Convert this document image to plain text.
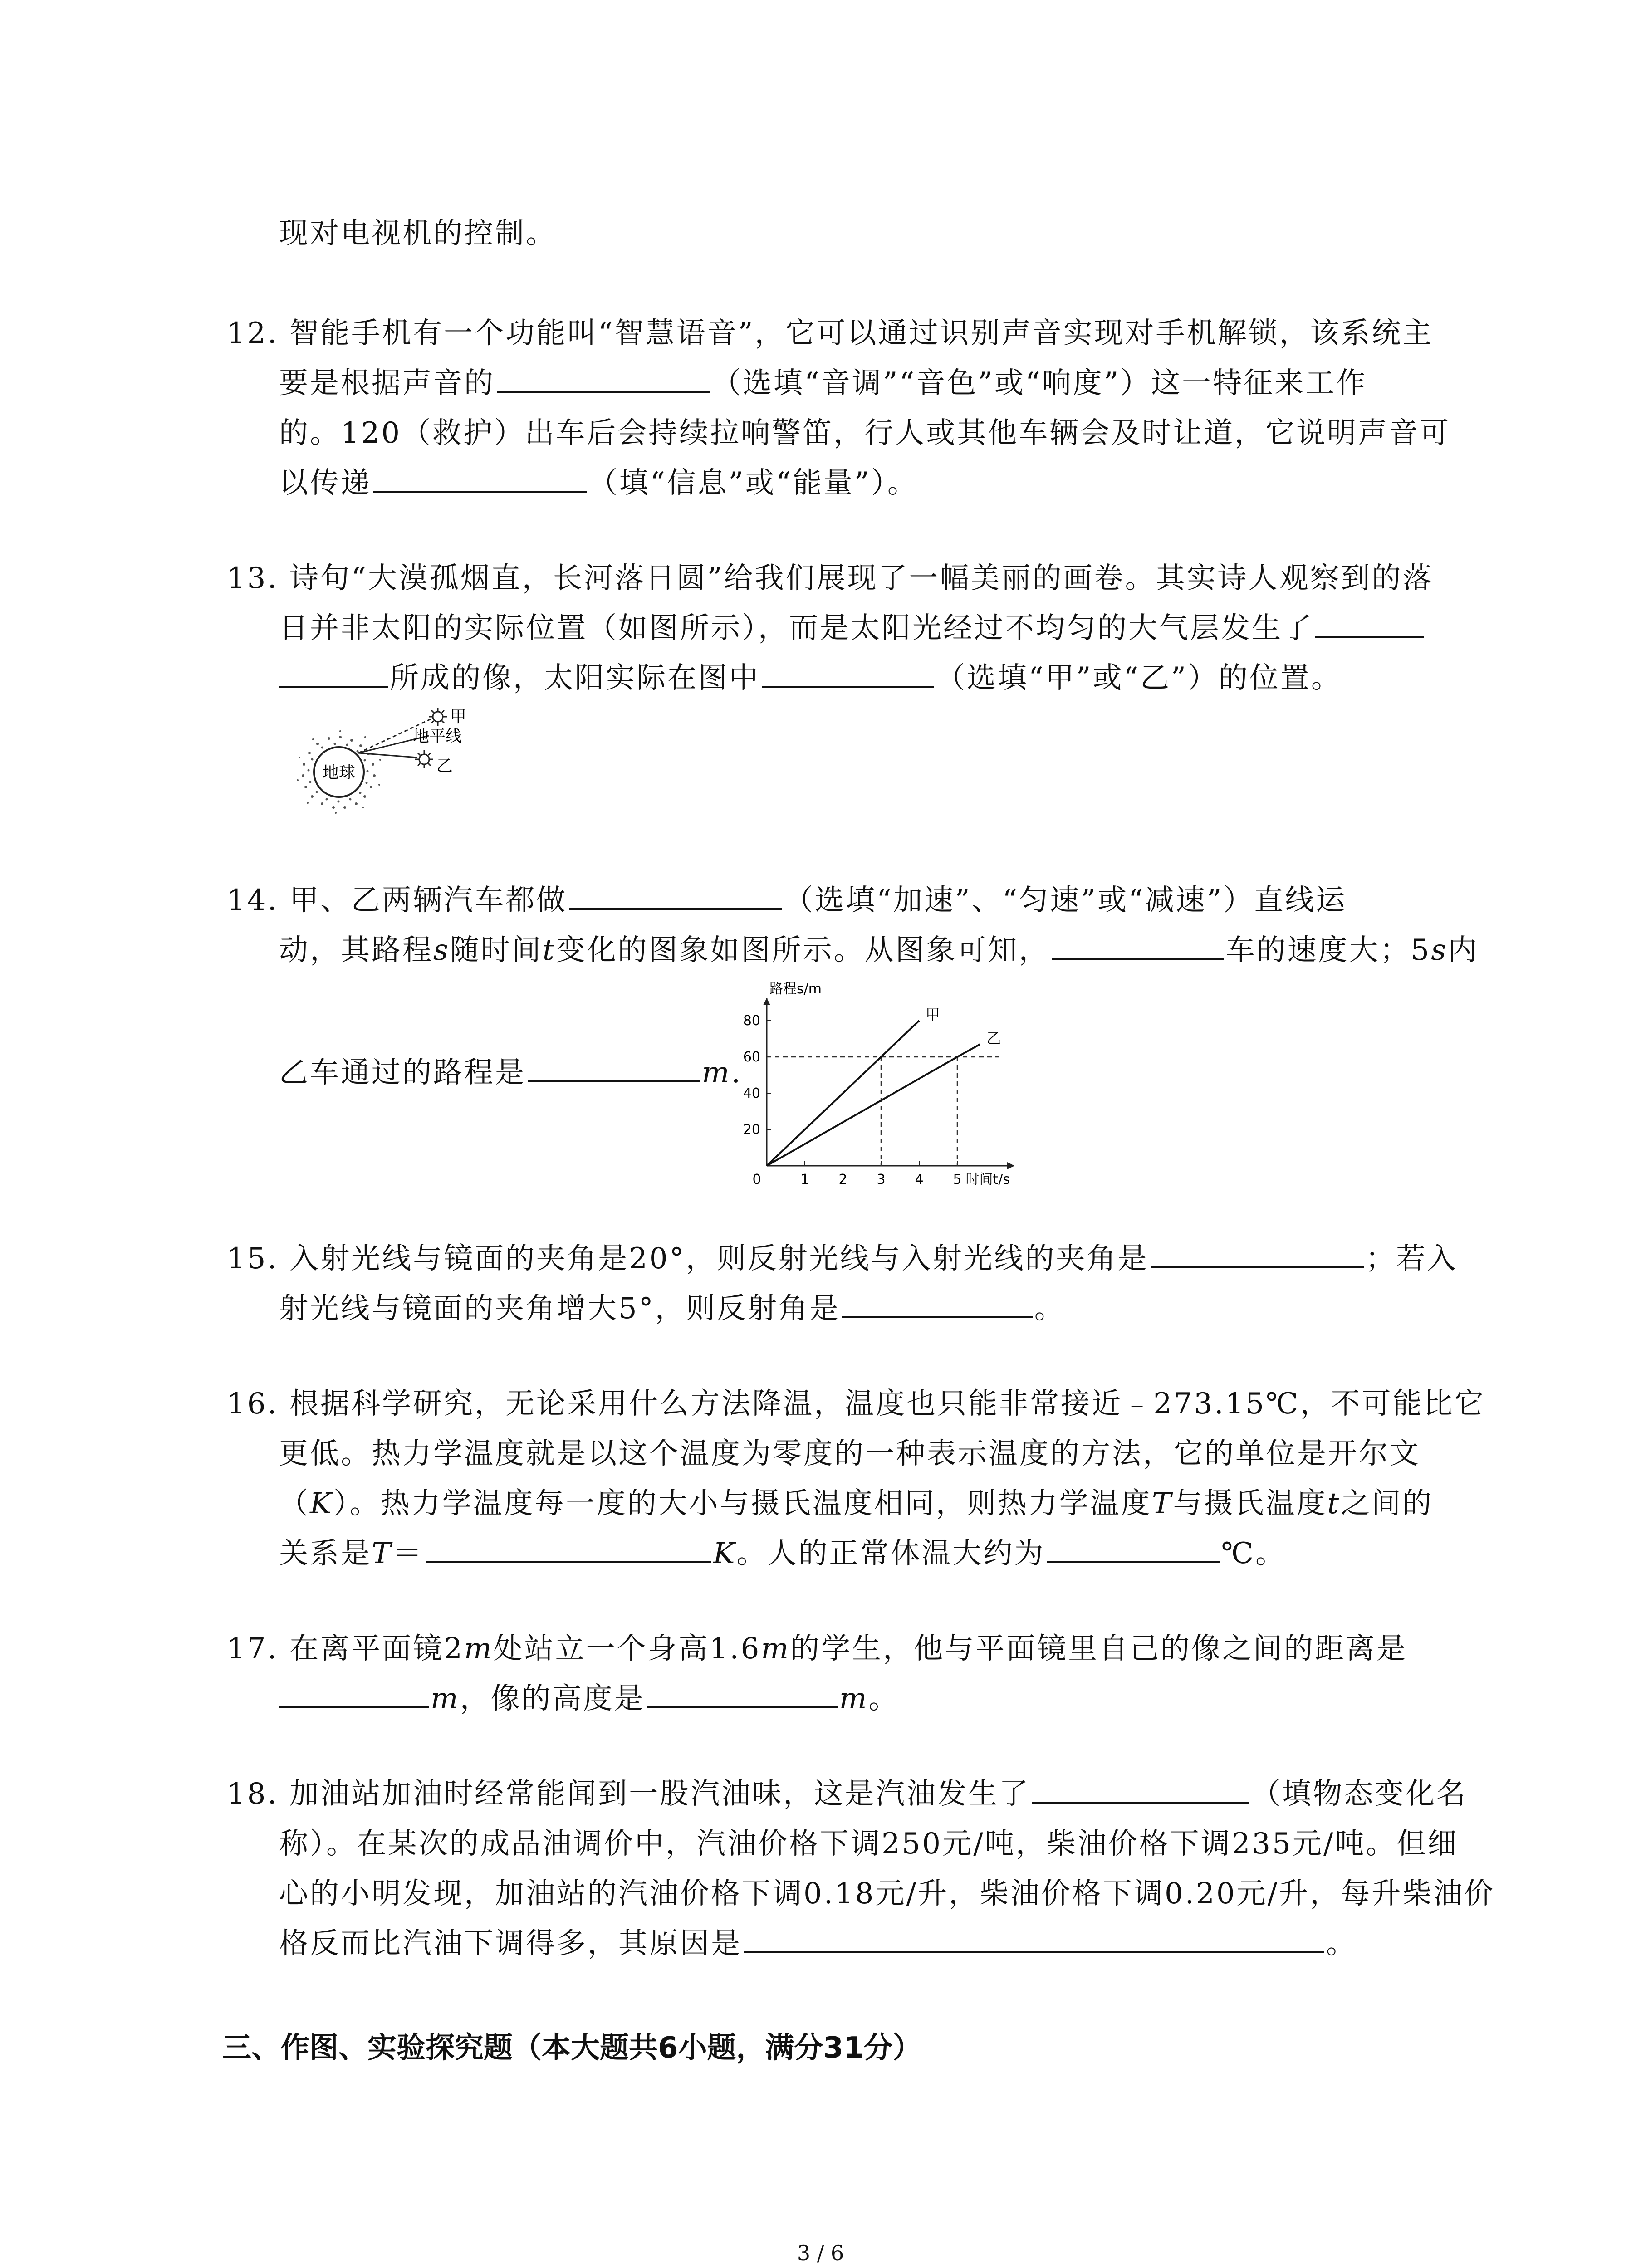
现对电视机的控制。
12. 智能手机有一个功能叫“智慧语音”，它可以通过识别声音实现对手机解锁，该系统主
要是根据声音的	（选填“音调”“音色”或“响度”）这一特征来工作
的。120（救护）出车后会持续拉响警笛，行人或其他车辆会及时让道，它说明声音可
以传递	（填“信息”或“能量”）。
13. 诗句“大漠孤烟直，长河落日圆”给我们展现了一幅美丽的画卷。其实诗人观察到的落
日并非太阳的实际位置（如图所示），而是太阳光经过不均匀的大气层发生了
所成的像，太阳实际在图中	（选填“甲”或“乙”）的位置。
地球
甲
地平线
乙
14. 甲、乙两辆汽车都做	（选填“加速”、“匀速”或“减速”）直线运
动，其路程s随时间t变化的图象如图所示。从图象可知，	车的速度大；5s内
乙车通过的路程是	m.
0	1 2 3 4 5
20
40
60
80	甲
乙
路程s/m
时间t/s
15. 入射光线与镜面的夹角是20°，则反射光线与入射光线的夹角是	；若入
射光线与镜面的夹角增大5°，则反射角是	。
16. 根据科学研究，无论采用什么方法降温，温度也只能非常接近﹣273.15℃，不可能比它
更低。热力学温度就是以这个温度为零度的一种表示温度的方法，它的单位是开尔文
（K）。热力学温度每一度的大小与摄氏温度相同，则热力学温度T与摄氏温度t之间的
关系是T＝	K。人的正常体温大约为	℃。
17. 在离平面镜2m处站立一个身高1.6m的学生，他与平面镜里自己的像之间的距离是
m，像的高度是	m。
18. 加油站加油时经常能闻到一股汽油味，这是汽油发生了	（填物态变化名
称）。在某次的成品油调价中，汽油价格下调250元/吨，柴油价格下调235元/吨。但细
心的小明发现，加油站的汽油价格下调0.18元/升，柴油价格下调0.20元/升，每升柴油价
格反而比汽油下调得多，其原因是	。
三、作图、实验探究题（本大题共6小题，满分31分）
3 / 6
